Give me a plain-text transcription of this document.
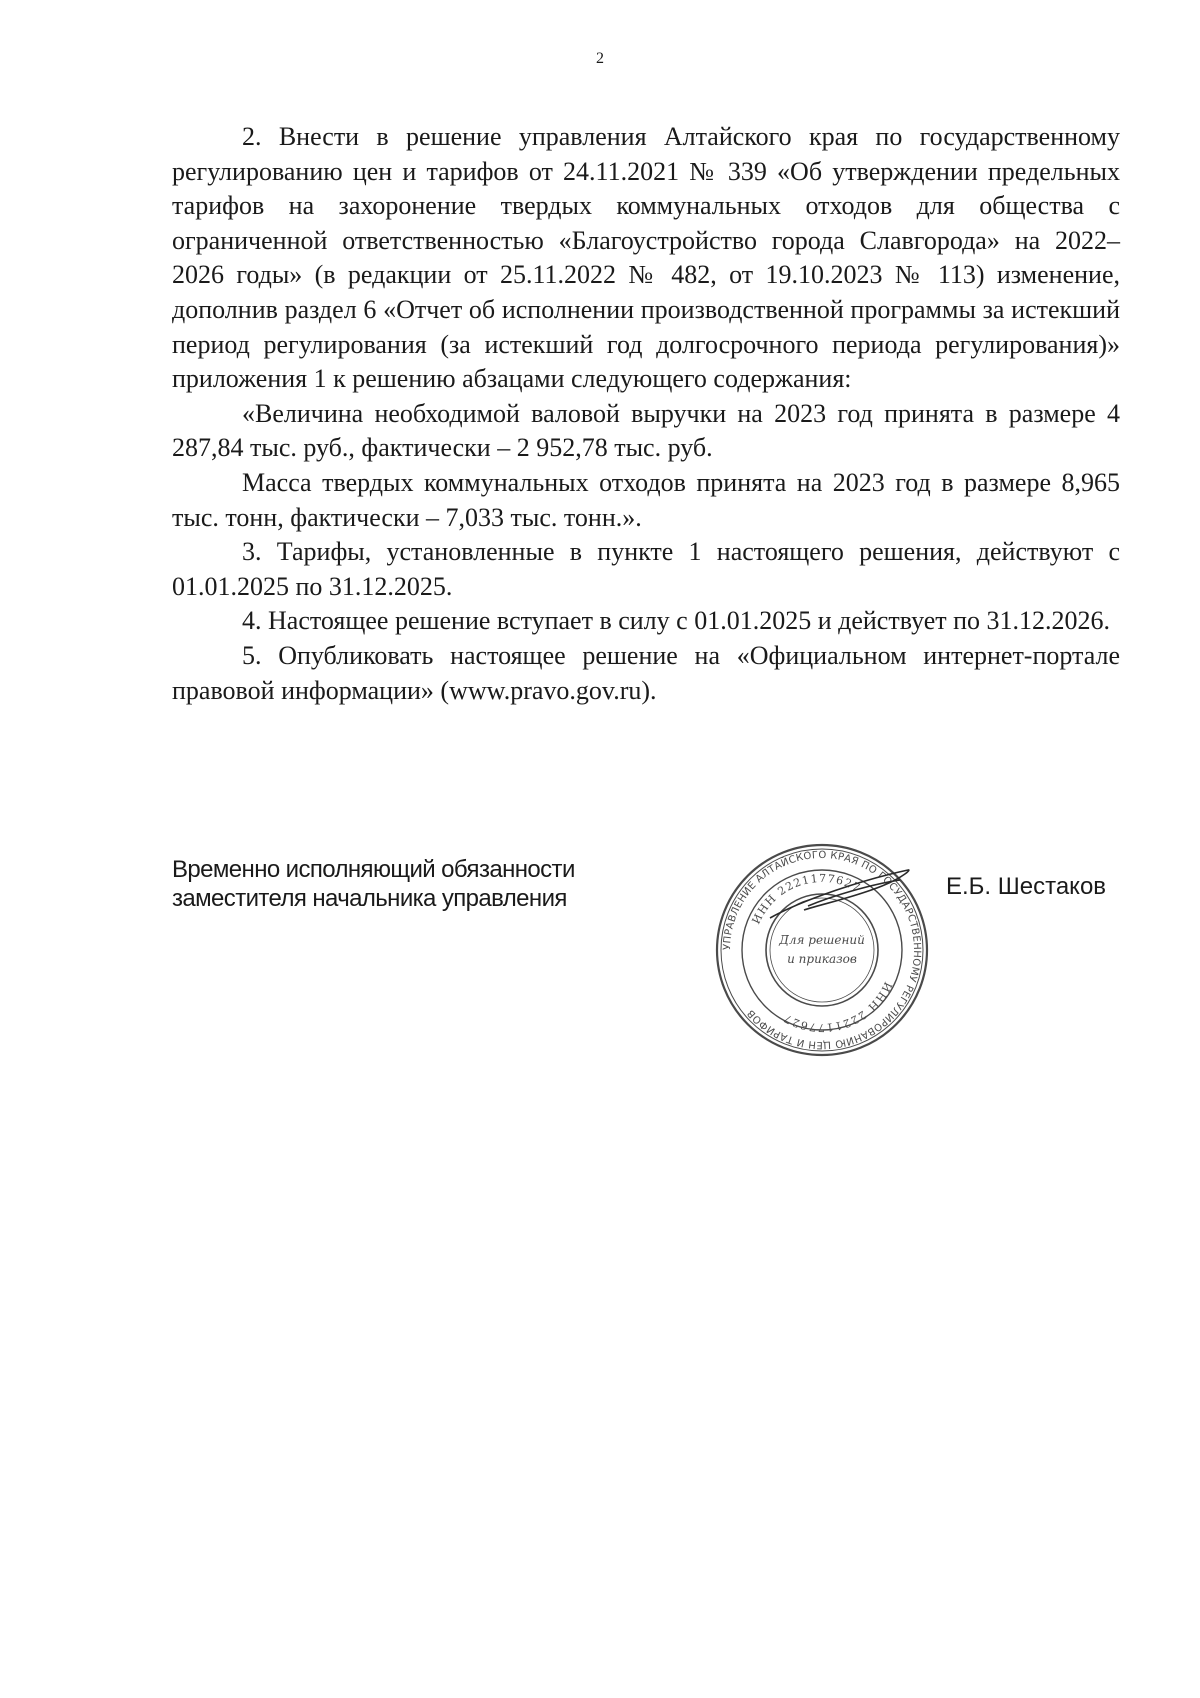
2

2. Внести в решение управления Алтайского края по государственному регулированию цен и тарифов от 24.11.2021 № 339 «Об утверждении предельных тарифов на захоронение твердых коммунальных отходов для общества с ограниченной ответственностью «Благоустройство города Славгорода» на 2022–2026 годы» (в редакции от 25.11.2022 № 482, от 19.10.2023 № 113) изменение, дополнив раздел 6 «Отчет об исполнении производственной программы за истекший период регулирования (за истекший год долгосрочного периода регулирования)» приложения 1 к решению абзацами следующего содержания:

«Величина необходимой валовой выручки на 2023 год принята в размере 4 287,84 тыс. руб., фактически – 2 952,78 тыс. руб.

Масса твердых коммунальных отходов принята на 2023 год в размере 8,965 тыс. тонн, фактически – 7,033 тыс. тонн.».

3. Тарифы, установленные в пункте 1 настоящего решения, действуют с 01.01.2025 по 31.12.2025.

4. Настоящее решение вступает в силу с 01.01.2025 и действует по 31.12.2026.

5. Опубликовать настоящее решение на «Официальном интернет-портале правовой информации» (www.pravo.gov.ru).

Временно исполняющий обязанности
заместителя начальника управления	Е.Б. Шестаков
УПРАВЛЕНИЕ АЛТАЙСКОГО КРАЯ ПО ГОСУДАРСТВЕННОМУ РЕГУЛИРОВАНИЮ ЦЕН И ТАРИФОВ
ИНН 2221177627
ИНН 2221177627
Для решений
и приказов
